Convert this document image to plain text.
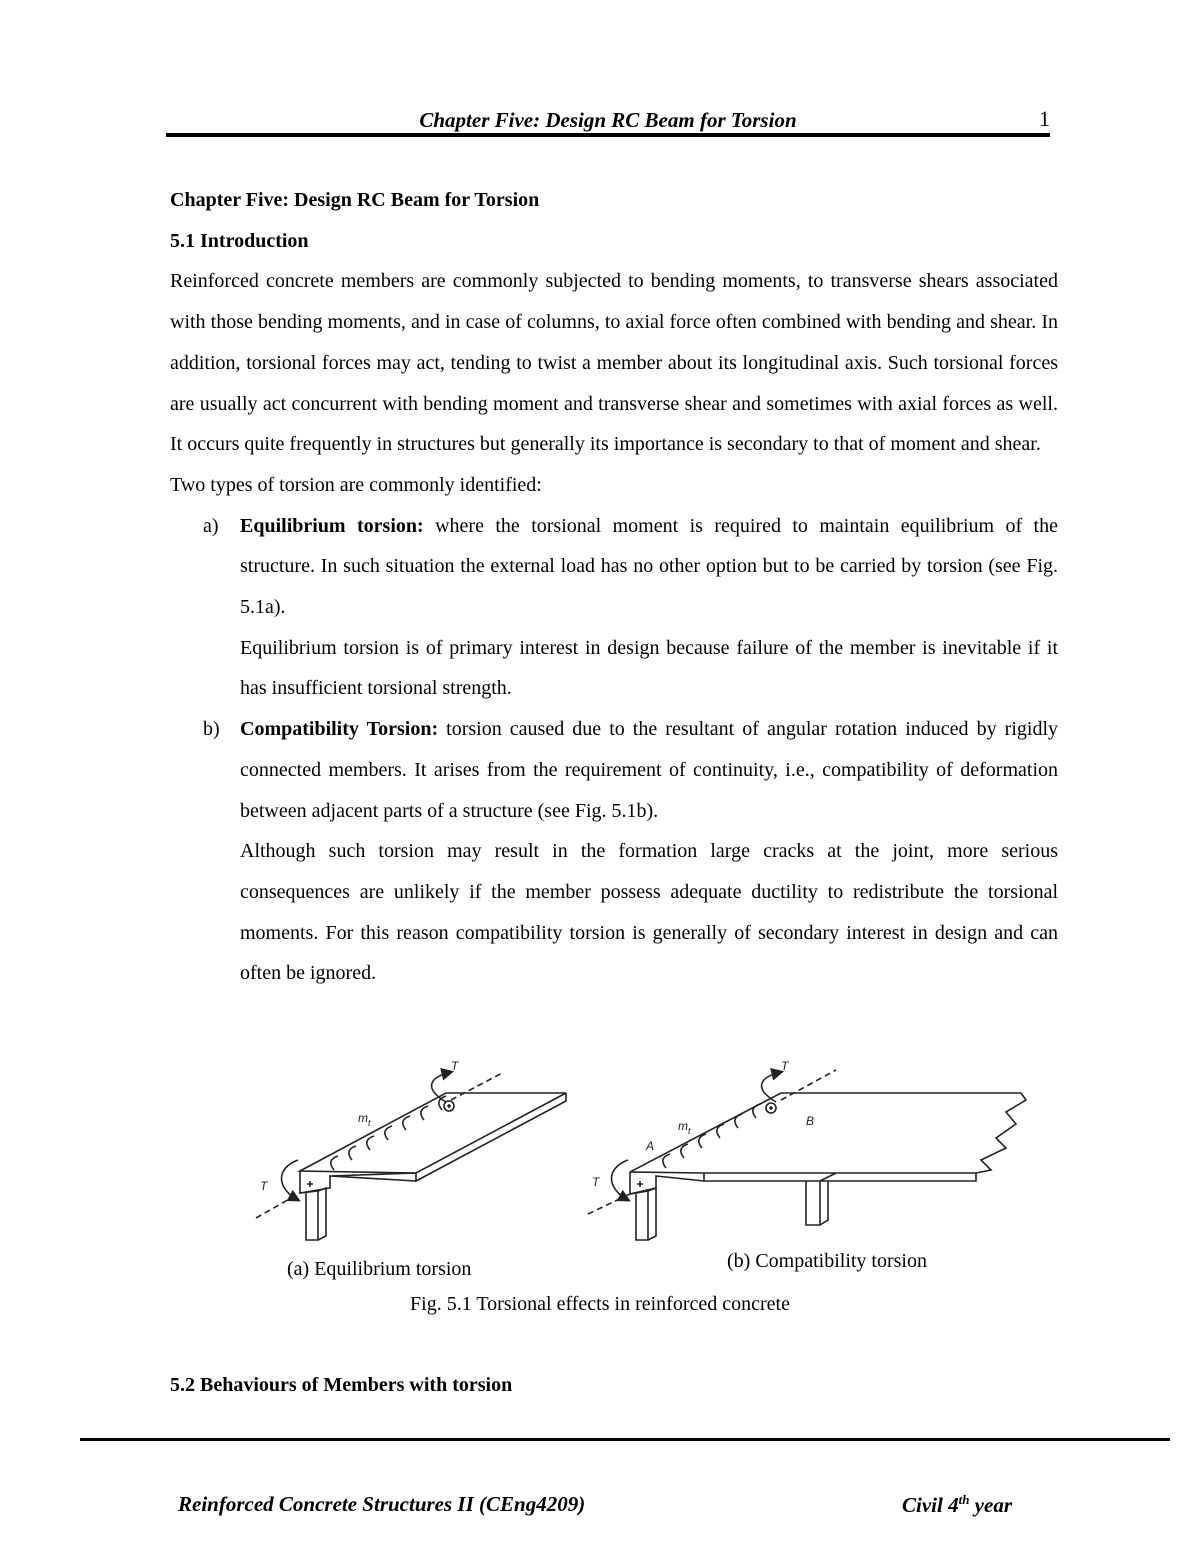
Chapter Five: Design RC Beam for Torsion	1

Chapter Five: Design RC Beam for Torsion

5.1 Introduction

Reinforced concrete members are commonly subjected to bending moments, to transverse shears associated with those bending moments, and in case of columns, to axial force often combined with bending and shear. In addition, torsional forces may act, tending to twist a member about its longitudinal axis. Such torsional forces are usually act concurrent with bending moment and transverse shear and sometimes with axial forces as well. It occurs quite frequently in structures but generally its importance is secondary to that of moment and shear.

Two types of torsion are commonly identified:

a) Equilibrium torsion: where the torsional moment is required to maintain equilibrium of the structure. In such situation the external load has no other option but to be carried by torsion (see Fig. 5.1a).

Equilibrium torsion is of primary interest in design because failure of the member is inevitable if it has insufficient torsional strength.

b) Compatibility Torsion: torsion caused due to the resultant of angular rotation induced by rigidly connected members. It arises from the requirement of continuity, i.e., compatibility of deformation between adjacent parts of a structure (see Fig. 5.1b).

Although such torsion may result in the formation large cracks at the joint, more serious consequences are unlikely if the member possess adequate ductility to redistribute the torsional moments. For this reason compatibility torsion is generally of secondary interest in design and can often be ignored.

T
T
$m_t$
T
T
$m_t$
A
B
(a) Equilibrium torsion	(b) Compatibility torsion
Fig. 5.1 Torsional effects in reinforced concrete
5.2 Behaviours of Members with torsion
Reinforced Concrete Structures II (CEng4209)	Civil 4th year
